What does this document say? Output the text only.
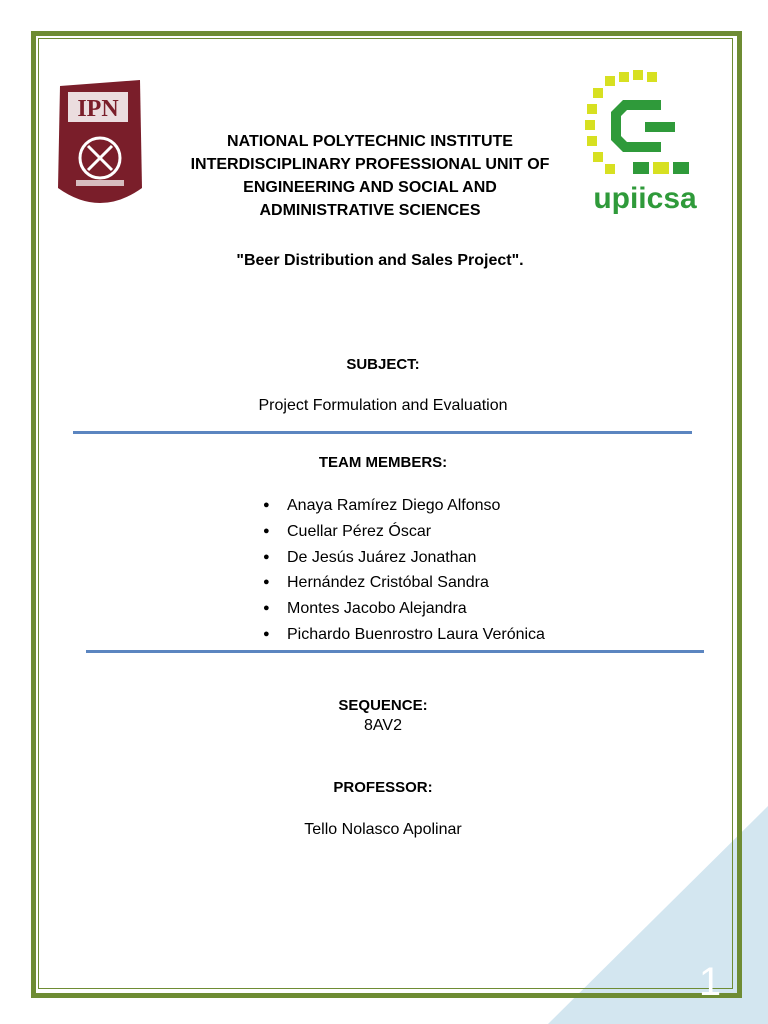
IPN
upiicsa
NATIONAL POLYTECHNIC INSTITUTE
INTERDISCIPLINARY PROFESSIONAL UNIT OF
ENGINEERING AND SOCIAL AND
ADMINISTRATIVE SCIENCES
"Beer Distribution and Sales Project".
SUBJECT:
Project Formulation and Evaluation
TEAM MEMBERS:
● Anaya Ramírez Diego Alfonso
● Cuellar Pérez Óscar
● De Jesús Juárez Jonathan
● Hernández Cristóbal Sandra
● Montes Jacobo Alejandra
● Pichardo Buenrostro Laura Verónica
SEQUENCE:
8AV2
PROFESSOR:
Tello Nolasco Apolinar
1
